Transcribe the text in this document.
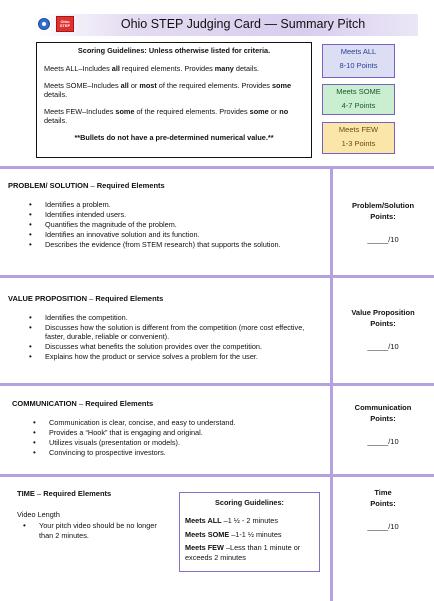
Ohio STEP	Ohio STEP Judging Card — Summary Pitch

Scoring Guidelines: Unless otherwise listed for criteria.

Meets ALL–Includes all required elements. Provides many details.

Meets SOME–Includes all or most of the required elements. Provides some details.

Meets FEW–Includes some of the required elements. Provides some or no details.

**Bullets do not have a pre-determined numerical value.**

Meets ALL
8-10 Points
Meets SOME
4-7 Points
Meets FEW
1-3 Points
PROBLEM/ SOLUTION – Required Elements
• Identifies a problem.
• Identifies intended users.
• Quantifies the magnitude of the problem.
• Identifies an innovative solution and its function.
• Describes the evidence (from STEM research) that supports the solution.
Problem/Solution
Points:
_____/10
VALUE PROPOSITION – Required Elements
• Identifies the competition.
• Discusses how the solution is different from the competition (more cost effective, faster, durable, reliable or convenient).
• Discusses what benefits the solution provides over the competition.
• Explains how the product or service solves a problem for the user.
Value Proposition
Points:
_____/10
COMMUNICATION – Required Elements
• Communication is clear, concise, and easy to understand.
• Provides a “Hook” that is engaging and original.
• Utilizes visuals (presentation or models).
• Convincing to prospective investors.
Communication
Points:
_____/10
TIME – Required Elements
Video Length
• Your pitch video should be no longer than 2 minutes.

Scoring Guidelines:

Meets ALL –1 ½ - 2 minutes

Meets SOME –1-1 ½ minutes

Meets FEW –Less than 1 minute or exceeds 2 minutes

Time
Points:
_____/10
